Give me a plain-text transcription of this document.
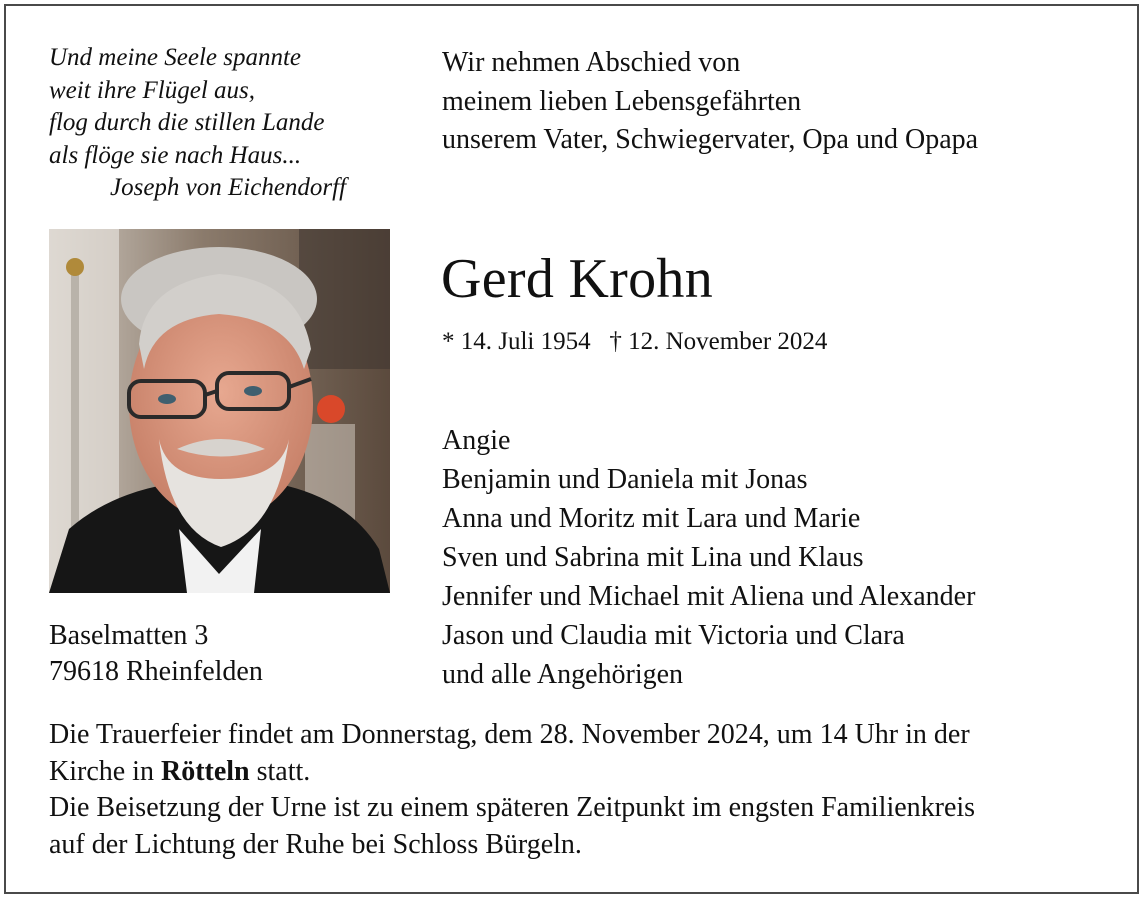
Und meine Seele spannte
weit ihre Flügel aus,
flog durch die stillen Lande
als flöge sie nach Haus...
Joseph von Eichendorff
Wir nehmen Abschied von
meinem lieben Lebensgefährten
unserem Vater, Schwiegervater, Opa und Opapa
Gerd Krohn
* 14. Juli 1954 † 12. November 2024
Angie
Benjamin und Daniela mit Jonas
Anna und Moritz mit Lara und Marie
Sven und Sabrina mit Lina und Klaus
Jennifer und Michael mit Aliena und Alexander
Jason und Claudia mit Victoria und Clara
und alle Angehörigen
Baselmatten 3
79618 Rheinfelden
Die Trauerfeier findet am Donnerstag, dem 28. November 2024, um 14 Uhr in der
Kirche in Rötteln statt.
Die Beisetzung der Urne ist zu einem späteren Zeitpunkt im engsten Familienkreis
auf der Lichtung der Ruhe bei Schloss Bürgeln.
